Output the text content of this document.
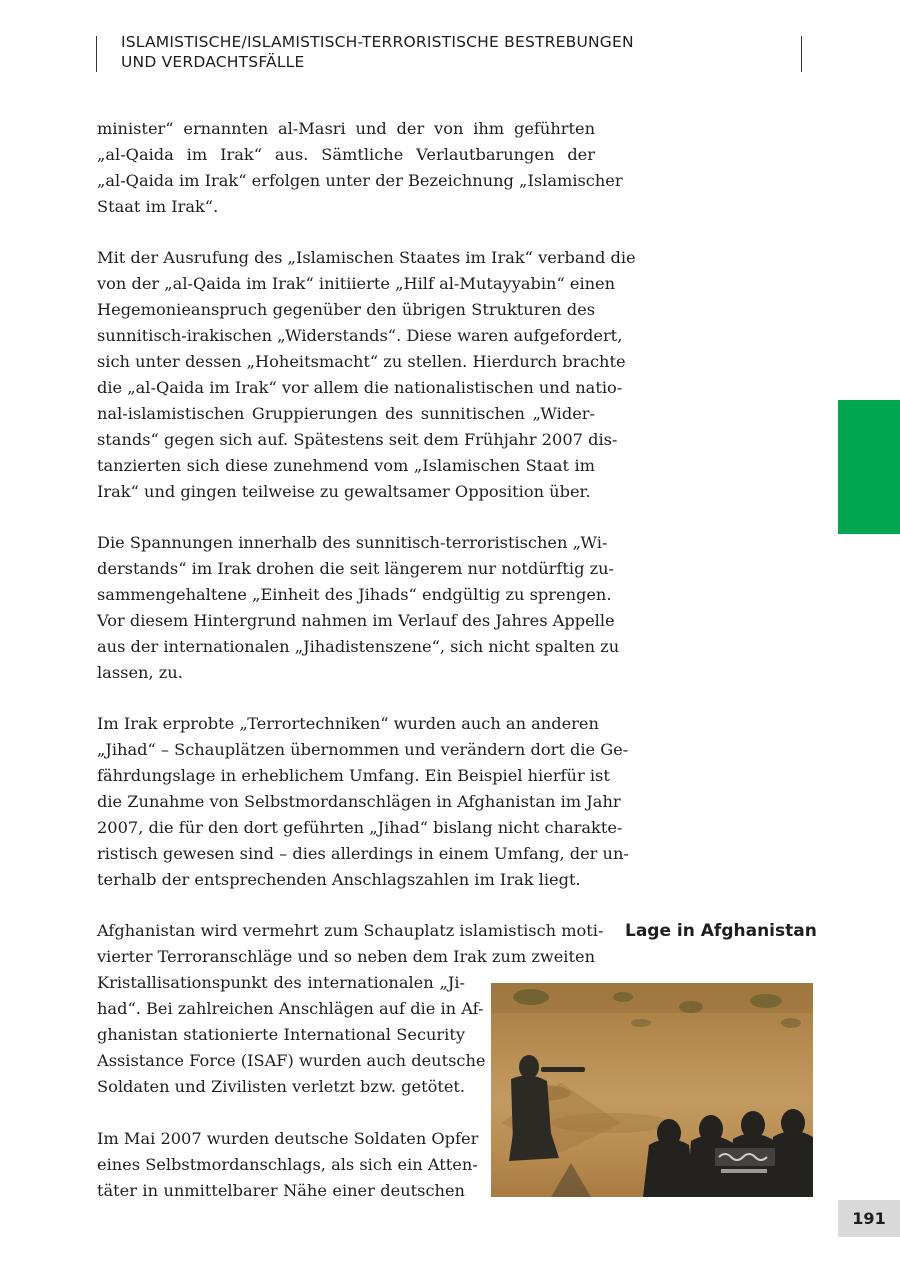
ISLAMISTISCHE/ISLAMISTISCH-TERRORISTISCHE BESTREBUNGEN
UND VERDACHTSFÄLLE
minister“ ernannten al-Masri und der von ihm geführten
„al-Qaida im Irak“ aus. Sämtliche Verlautbarungen der
„al-Qaida im Irak“ erfolgen unter der Bezeichnung „Islamischer
Staat im Irak“.
Mit der Ausrufung des „Islamischen Staates im Irak“ verband die
von der „al-Qaida im Irak“ initiierte „Hilf al-Mutayyabin“ einen
Hegemonieanspruch gegenüber den übrigen Strukturen des
sunnitisch-irakischen „Widerstands“. Diese waren aufgefordert,
sich unter dessen „Hoheitsmacht“ zu stellen. Hierdurch brachte
die „al-Qaida im Irak“ vor allem die nationalistischen und natio-
nal-islamistischen Gruppierungen des sunnitischen „Wider-
stands“ gegen sich auf. Spätestens seit dem Frühjahr 2007 dis-
tanzierten sich diese zunehmend vom „Islamischen Staat im
Irak“ und gingen teilweise zu gewaltsamer Opposition über.
Die Spannungen innerhalb des sunnitisch-terroristischen „Wi-
derstands“ im Irak drohen die seit längerem nur notdürftig zu-
sammengehaltene „Einheit des Jihads“ endgültig zu sprengen.
Vor diesem Hintergrund nahmen im Verlauf des Jahres Appelle
aus der internationalen „Jihadistenszene“, sich nicht spalten zu
lassen, zu.
Im Irak erprobte „Terrortechniken“ wurden auch an anderen
„Jihad“ – Schauplätzen übernommen und verändern dort die Ge-
fährdungslage in erheblichem Umfang. Ein Beispiel hierfür ist
die Zunahme von Selbstmordanschlägen in Afghanistan im Jahr
2007, die für den dort geführten „Jihad“ bislang nicht charakte-
ristisch gewesen sind – dies allerdings in einem Umfang, der un-
terhalb der entsprechenden Anschlagszahlen im Irak liegt.
Lage in Afghanistan
Afghanistan wird vermehrt zum Schauplatz islamistisch moti-
vierter Terroranschläge und so neben dem Irak zum zweiten
Kristallisationspunkt des internationalen „Ji-
had“. Bei zahlreichen Anschlägen auf die in Af-
ghanistan stationierte International Security
Assistance Force (ISAF) wurden auch deutsche
Soldaten und Zivilisten verletzt bzw. getötet.
Im Mai 2007 wurden deutsche Soldaten Opfer
eines Selbstmordanschlags, als sich ein Atten-
täter in unmittelbarer Nähe einer deutschen
191
